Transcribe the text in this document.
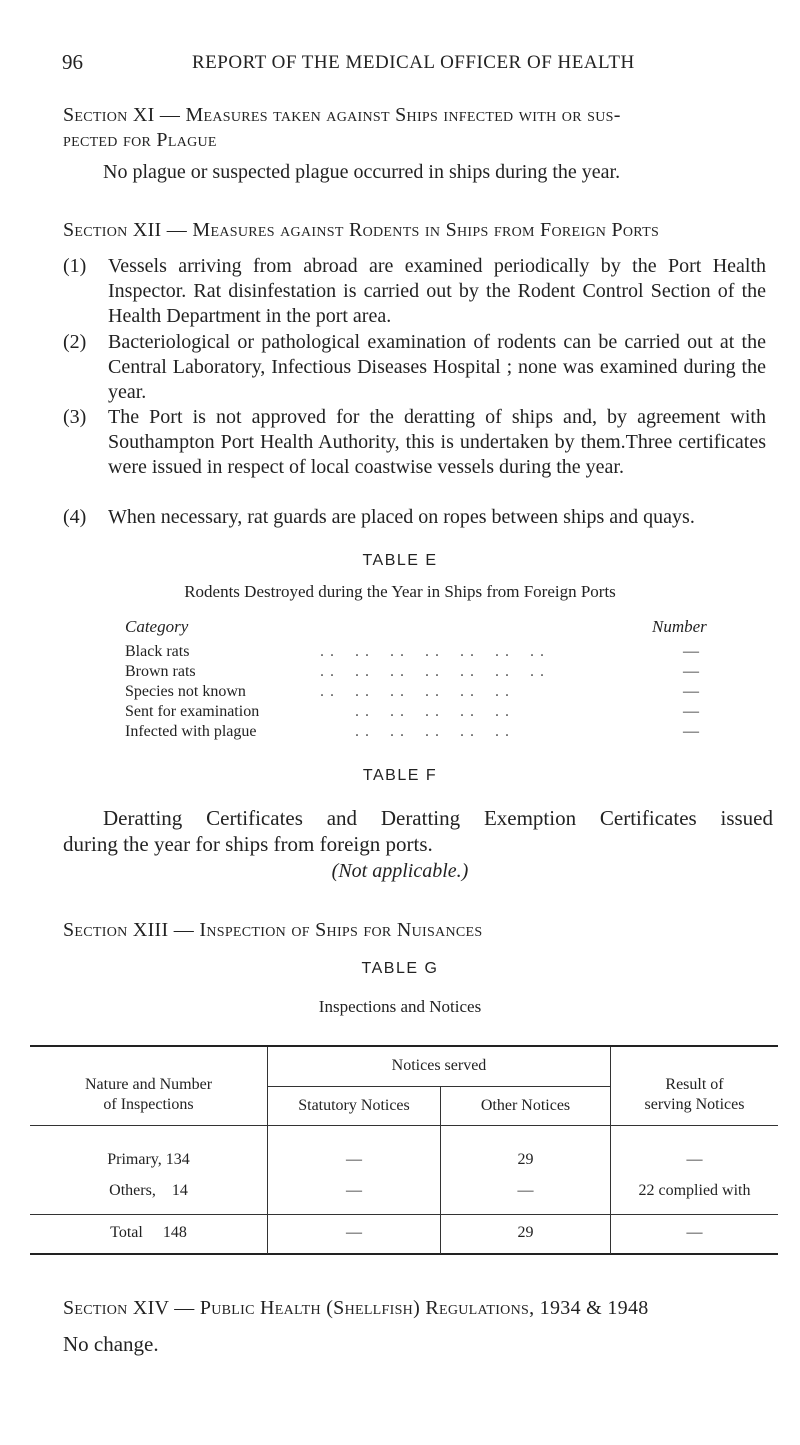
96	REPORT OF THE MEDICAL OFFICER OF HEALTH
Section XI — Measures taken against Ships infected with or sus-
pected for Plague
No plague or suspected plague occurred in ships during the year.
Section XII — Measures against Rodents in Ships from Foreign Ports
(1) Vessels arriving from abroad are examined periodically by the Port Health Inspector. Rat disinfestation is carried out by the Rodent Control Section of the Health Department in the port area.
(2) Bacteriological or pathological examination of rodents can be carried out at the Central Laboratory, Infectious Diseases Hospital ; none was examined during the year.
(3) The Port is not approved for the deratting of ships and, by agreement with Southampton Port Health Authority, this is undertaken by them.Three certificates were issued in respect of local coastwise vessels during the year.
(4) When necessary, rat guards are placed on ropes between ships and quays.
TABLE E
Rodents Destroyed during the Year in Ships from Foreign Ports
Category	Number
Black rats	. .    . .    . .    . .    . .    . .    . .	—
Brown rats	. .    . .    . .    . .    . .    . .    . .	—
Species not known	. .    . .    . .    . .    . .    . .	—
Sent for examination	. .    . .    . .    . .    . .	—
Infected with plague	. .    . .    . .    . .    . .	—
TABLE F
Deratting Certificates and Deratting Exemption Certificates issued
during the year for ships from foreign ports.
(Not applicable.)
Section XIII — Inspection of Ships for Nuisances
TABLE G
Inspections and Notices
Nature and Number
of Inspections
Notices served
Statutory Notices	Other Notices
Result of
serving Notices
Primary, 134	—	29	—
Others,    14	—	—	22 complied with
Total     148	—	29	—
Section XIV — Public Health (Shellfish) Regulations, 1934 & 1948
No change.
